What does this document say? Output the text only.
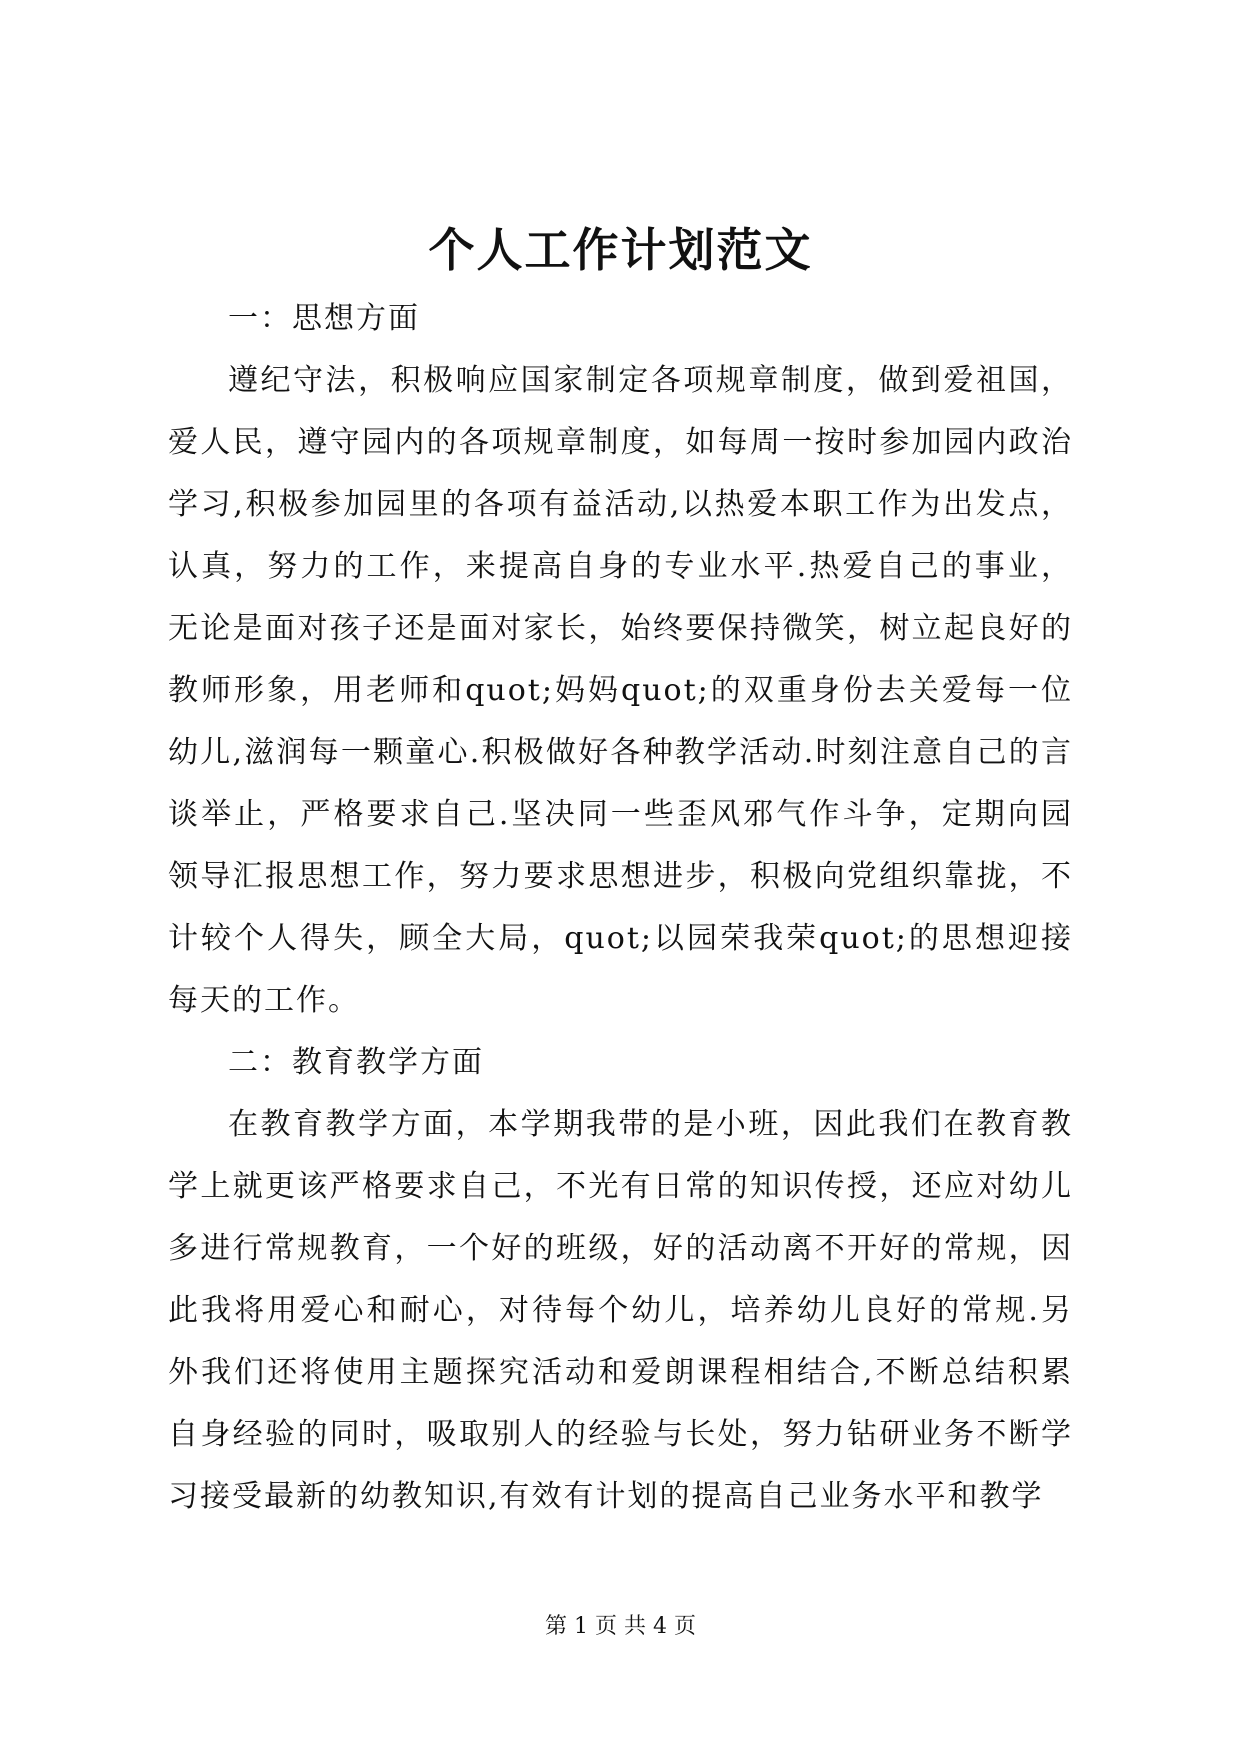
个人工作计划范文

一：思想方面

遵纪守法，积极响应国家制定各项规章制度，做到爱祖国，爱人民，遵守园内的各项规章制度，如每周一按时参加园内政治学习,积极参加园里的各项有益活动,以热爱本职工作为出发点，认真，努力的工作，来提高自身的专业水平.热爱自己的事业，无论是面对孩子还是面对家长，始终要保持微笑，树立起良好的教师形象，用老师和quot;妈妈quot;的双重身份去关爱每一位幼儿,滋润每一颗童心.积极做好各种教学活动.时刻注意自己的言谈举止，严格要求自己.坚决同一些歪风邪气作斗争，定期向园领导汇报思想工作，努力要求思想进步，积极向党组织靠拢，不计较个人得失，顾全大局，quot;以园荣我荣quot;的思想迎接每天的工作。

二：教育教学方面

在教育教学方面，本学期我带的是小班，因此我们在教育教学上就更该严格要求自己，不光有日常的知识传授，还应对幼儿多进行常规教育，一个好的班级，好的活动离不开好的常规，因此我将用爱心和耐心，对待每个幼儿，培养幼儿良好的常规.另外我们还将使用主题探究活动和爱朗课程相结合,不断总结积累自身经验的同时，吸取别人的经验与长处，努力钻研业务不断学习接受最新的幼教知识,有效有计划的提高自己业务水平和教学

第 1 页 共 4 页
